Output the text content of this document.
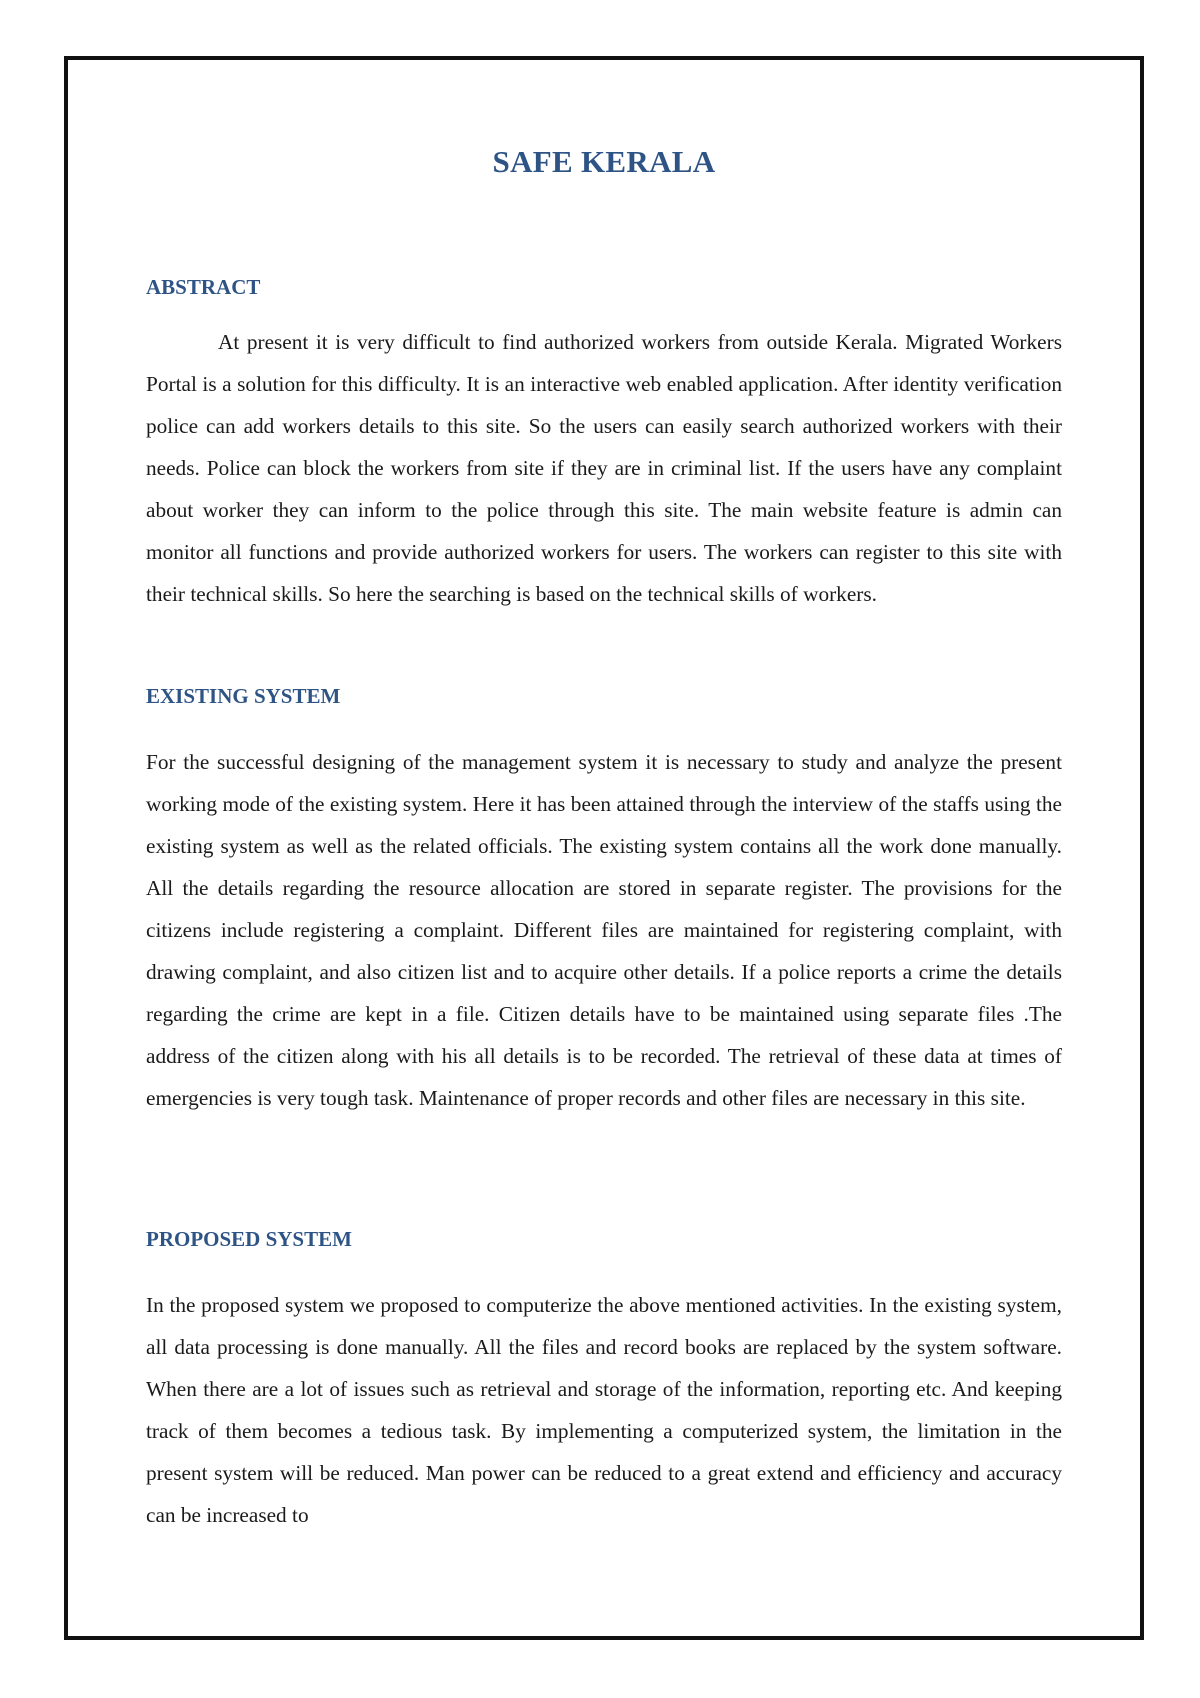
SAFE KERALA
ABSTRACT

At present it is very difficult to find authorized workers from outside Kerala. Migrated Workers Portal is a solution for this difficulty. It is an interactive web enabled application. After identity verification police can add workers details to this site. So the users can easily search authorized workers with their needs. Police can block the workers from site if they are in criminal list. If the users have any complaint about worker they can inform to the police through this site. The main website feature is admin can monitor all functions and provide authorized workers for users. The workers can register to this site with their technical skills. So here the searching is based on the technical skills of workers.

EXISTING SYSTEM

For the successful designing of the management system it is necessary to study and analyze the present working mode of the existing system. Here it has been attained through the interview of the staffs using the existing system as well as the related officials. The existing system contains all the work done manually. All the details regarding the resource allocation are stored in separate register. The provisions for the citizens include registering a complaint. Different files are maintained for registering complaint, with drawing complaint, and also citizen list and to acquire other details. If a police reports a crime the details regarding the crime are kept in a file. Citizen details have to be maintained using separate files .The address of the citizen along with his all details is to be recorded. The retrieval of these data at times of emergencies is very tough task. Maintenance of proper records and other files are necessary in this site.

PROPOSED SYSTEM

In the proposed system we proposed to computerize the above mentioned activities. In the existing system, all data processing is done manually. All the files and record books are replaced by the system software. When there are a lot of issues such as retrieval and storage of the information, reporting etc. And keeping track of them becomes a tedious task. By implementing a computerized system, the limitation in the present system will be reduced. Man power can be reduced to a great extend and efficiency and accuracy can be increased to
